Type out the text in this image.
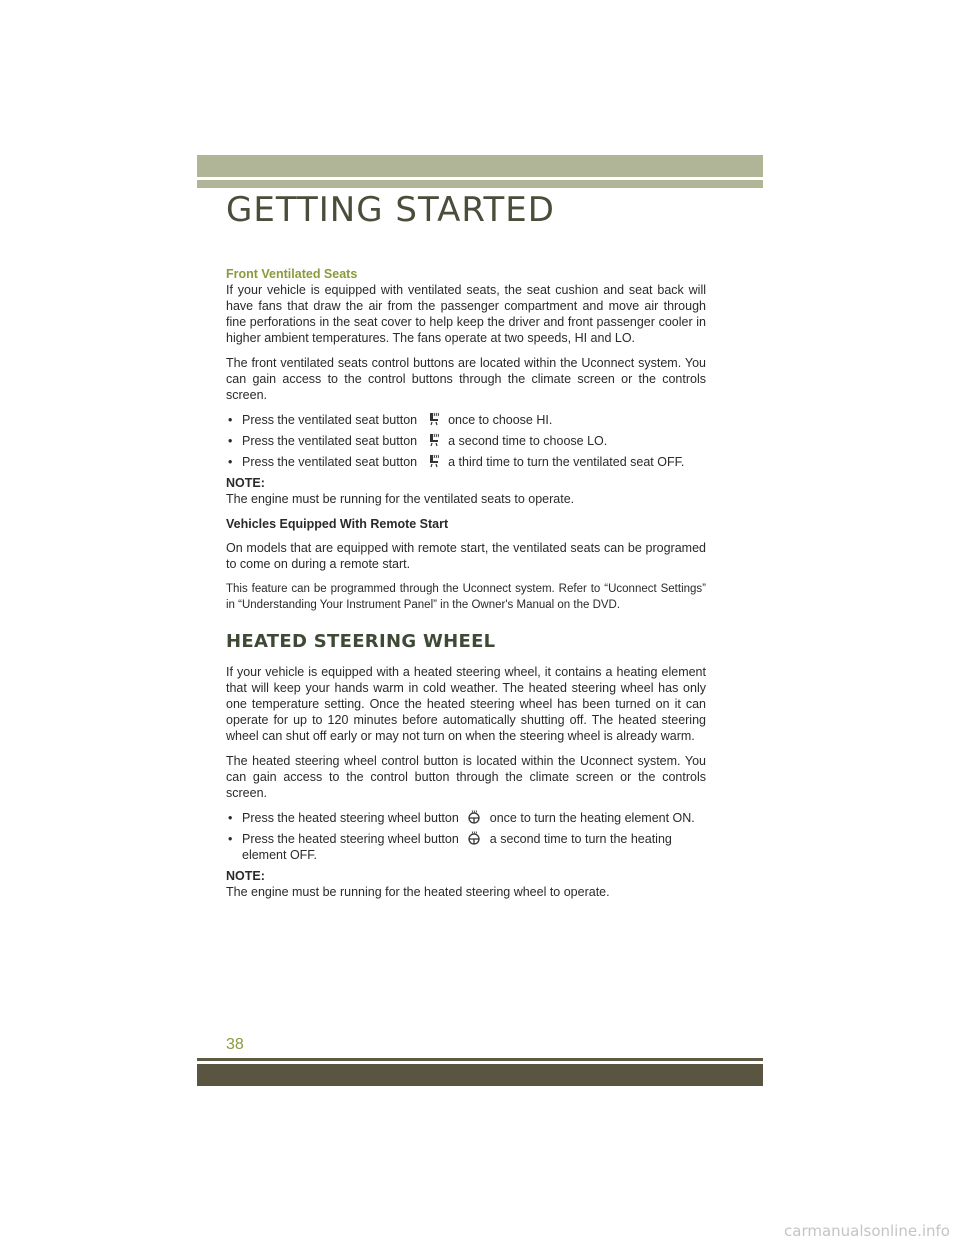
GETTING STARTED

Front Ventilated Seats

If your vehicle is equipped with ventilated seats, the seat cushion and seat back will have fans that draw the air from the passenger compartment and move air through fine perforations in the seat cover to help keep the driver and front passenger cooler in higher ambient temperatures. The fans operate at two speeds, HI and LO.

The front ventilated seats control buttons are located within the Uconnect system. You can gain access to the control buttons through the climate screen or the controls screen.

• Press the ventilated seat button once to choose HI.

• Press the ventilated seat button a second time to choose LO.

• Press the ventilated seat button a third time to turn the ventilated seat OFF.

NOTE:

The engine must be running for the ventilated seats to operate.

Vehicles Equipped With Remote Start

On models that are equipped with remote start, the ventilated seats can be programed to come on during a remote start.

This feature can be programmed through the Uconnect system. Refer to “Uconnect Settings” in “Understanding Your Instrument Panel” in the Owner's Manual on the DVD.

HEATED STEERING WHEEL

If your vehicle is equipped with a heated steering wheel, it contains a heating element that will keep your hands warm in cold weather. The heated steering wheel has only one temperature setting. Once the heated steering wheel has been turned on it can operate for up to 120 minutes before automatically shutting off. The heated steering wheel can shut off early or may not turn on when the steering wheel is already warm.

The heated steering wheel control button is located within the Uconnect system. You can gain access to the control button through the climate screen or the controls screen.

• Press the heated steering wheel button once to turn the heating element ON.

• Press the heated steering wheel button a second time to turn the heating element OFF.

NOTE:

The engine must be running for the heated steering wheel to operate.

38
carmanualsonline.info
